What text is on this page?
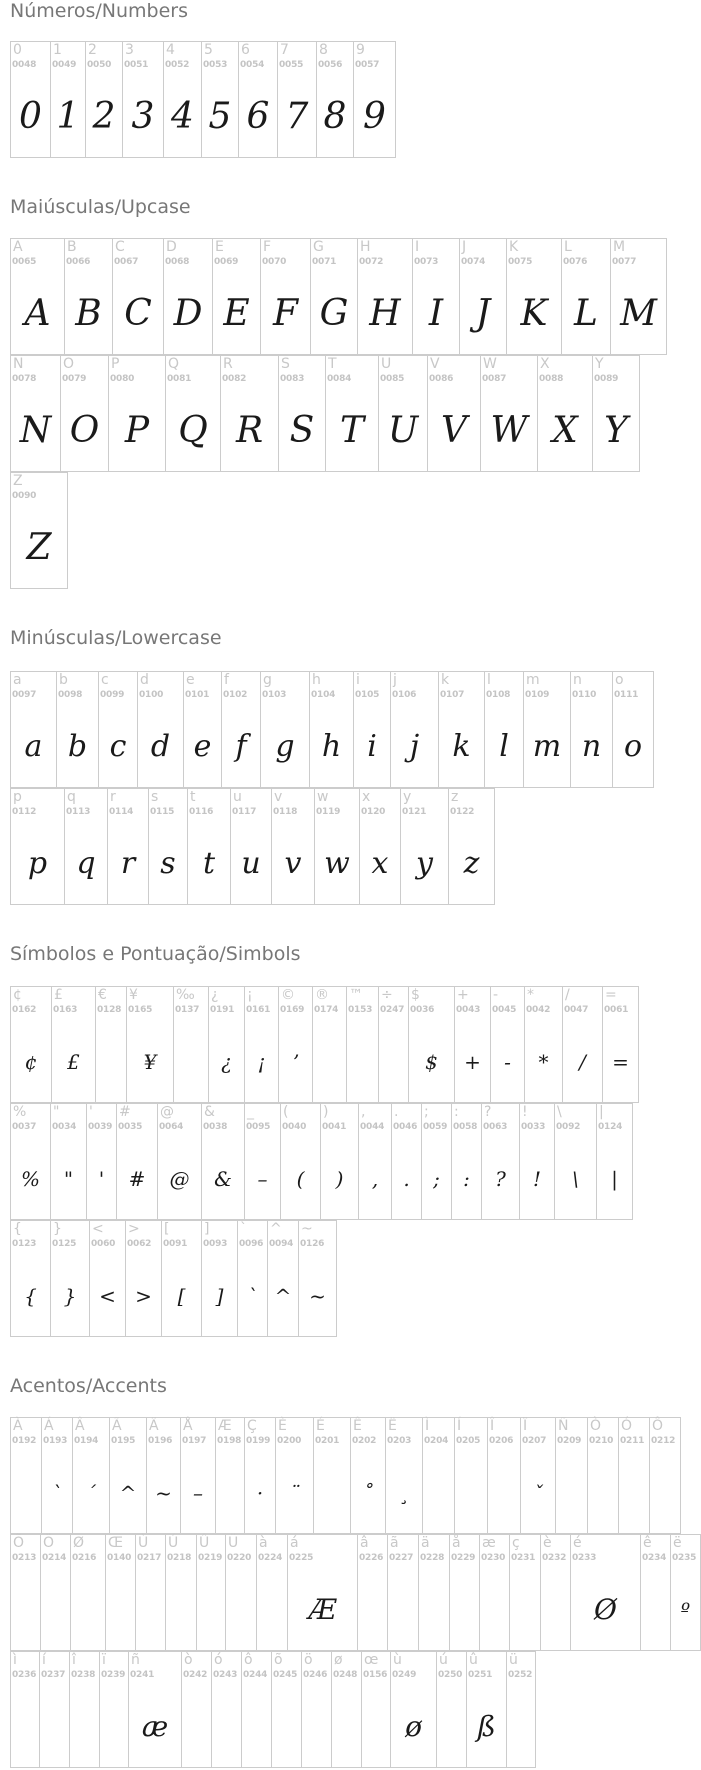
Números/Numbers
0
0048
0
1
0049
1
2
0050
2
3
0051
3
4
0052
4
5
0053
5
6
0054
6
7
0055
7
8
0056
8
9
0057
9
Maiúsculas/Upcase
A
0065
A
B
0066
B
C
0067
C
D
0068
D
E
0069
E
F
0070
F
G
0071
G
H
0072
H
I
0073
I
J
0074
J
K
0075
K
L
0076
L
M
0077
M
N
0078
N
O
0079
O
P
0080
P
Q
0081
Q
R
0082
R
S
0083
S
T
0084
T
U
0085
U
V
0086
V
W
0087
W
X
0088
X
Y
0089
Y
Z
0090
Z
Minúsculas/Lowercase
a
0097
a
b
0098
b
c
0099
c
d
0100
d
e
0101
e
f
0102
f
g
0103
g
h
0104
h
i
0105
i
j
0106
j
k
0107
k
l
0108
l
m
0109
m
n
0110
n
o
0111
o
p
0112
p
q
0113
q
r
0114
r
s
0115
s
t
0116
t
u
0117
u
v
0118
v
w
0119
w
x
0120
x
y
0121
y
z
0122
z
Símbolos e Pontuação/Simbols
¢
0162
¢
£
0163
£
€
0128
¥
0165
¥
‰
0137
¿
0191
¿
¡
0161
¡
©
0169
ʼ
®
0174
™
0153
÷
0247
$
0036
$
+
0043
+
-
0045
-
*
0042
*
/
0047
/
=
0061
=
%
0037
%
"
0034
"
'
0039
'
#
0035
#
@
0064
@
&
0038
&
_
0095
–
(
0040
(
)
0041
)
,
0044
,
.
0046
.
;
0059
;
:
0058
:
?
0063
?
!
0033
!
\
0092
\
|
0124
|
{
0123
{
}
0125
}
<
0060
<
>
0062
>
[
0091
[
]
0093
]
`
0096
`
^
0094
^
~
0126
~
Acentos/Accents
À
0192
Á
0193
`
Â
0194
´
Ã
0195
^
Ä
0196
~
Å
0197
–
Æ
0198
Ç
0199
·
È
0200
¨
É
0201
Ê
0202
˚
Ë
0203
¸
Ì
0204
Í
0205
Î
0206
Ï
0207
ˇ
Ñ
0209
Ò
0210
Ó
0211
Ô
0212
Õ
0213
Ö
0214
Ø
0216
Œ
0140
Ù
0217
Ú
0218
Û
0219
Ü
0220
à
0224
á
0225
Æ
â
0226
ã
0227
ä
0228
å
0229
æ
0230
ç
0231
è
0232
é
0233
Ø
ê
0234
ë
0235
º
ì
0236
í
0237
î
0238
ï
0239
ñ
0241
æ
ò
0242
ó
0243
ô
0244
õ
0245
ö
0246
ø
0248
œ
0156
ù
0249
ø
ú
0250
û
0251
ß
ü
0252
